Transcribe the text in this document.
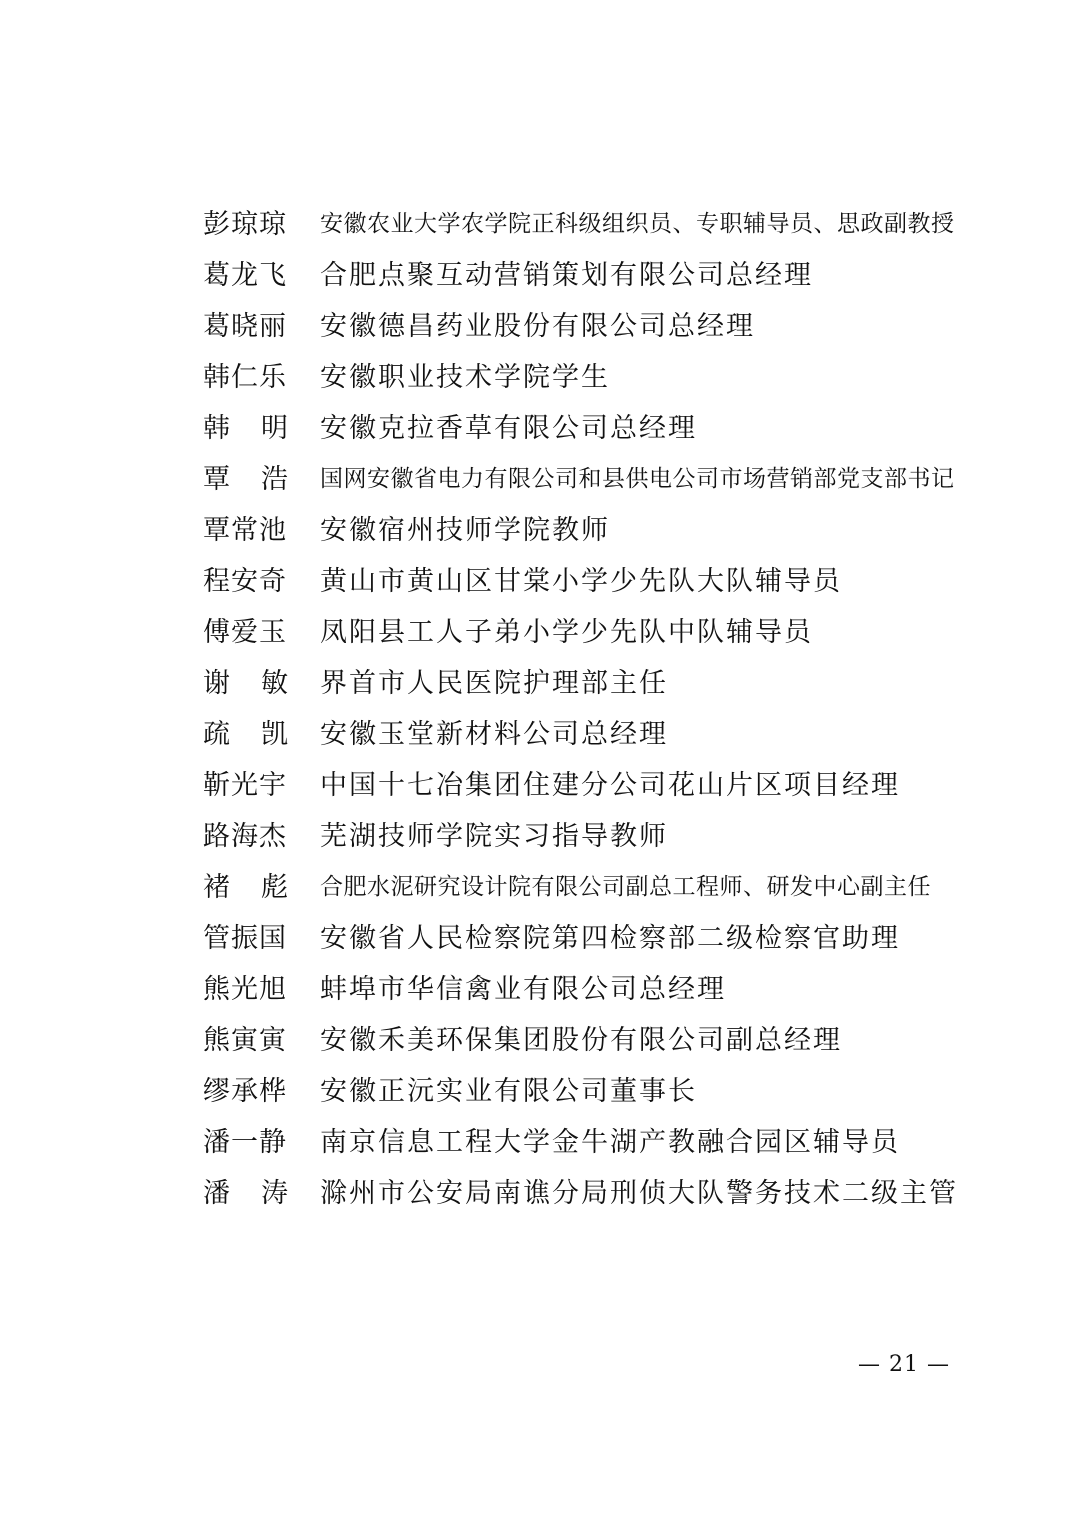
彭琼琼	安徽农业大学农学院正科级组织员、专职辅导员、思政副教授
葛龙飞	合肥点聚互动营销策划有限公司总经理
葛晓丽	安徽德昌药业股份有限公司总经理
韩仁乐	安徽职业技术学院学生
韩明 安徽克拉香草有限公司总经理
覃浩 国网安徽省电力有限公司和县供电公司市场营销部党支部书记
覃常池	安徽宿州技师学院教师
程安奇	黄山市黄山区甘棠小学少先队大队辅导员
傅爱玉	凤阳县工人子弟小学少先队中队辅导员
谢敏 界首市人民医院护理部主任
疏凯 安徽玉堂新材料公司总经理
靳光宇	中国十七冶集团住建分公司花山片区项目经理
路海杰	芜湖技师学院实习指导教师
褚彪 合肥水泥研究设计院有限公司副总工程师、研发中心副主任
管振国	安徽省人民检察院第四检察部二级检察官助理
熊光旭	蚌埠市华信禽业有限公司总经理
熊寅寅	安徽禾美环保集团股份有限公司副总经理
缪承桦	安徽正沅实业有限公司董事长
潘一静	南京信息工程大学金牛湖产教融合园区辅导员
潘涛 滁州市公安局南谯分局刑侦大队警务技术二级主管
— 21 —
